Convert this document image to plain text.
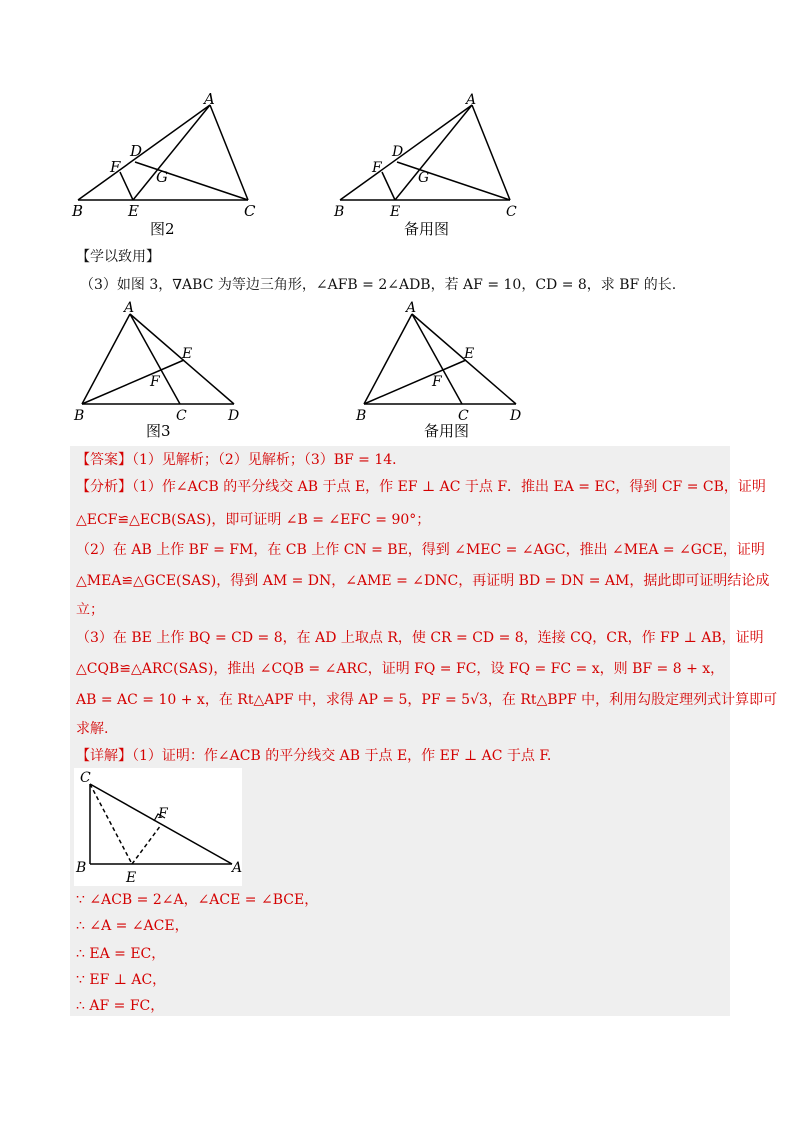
A
D
F
G
B	E	C
图2
A
D
F
G
B	E	C
备用图
【学以致用】
（3）如图 3，∇ABC 为等边三角形，∠AFB = 2∠ADB，若 AF = 10，CD = 8，求 BF 的长.
A
E
F
B	C	D
图3
A
E
F
B	C	D
备用图
【答案】（1）见解析；（2）见解析；（3）BF = 14．
【分析】（1）作∠ACB 的平分线交 AB 于点 E，作 EF ⊥ AC 于点 F．推出 EA = EC，得到 CF = CB，证明
△ECF≌△ECB(SAS)，即可证明 ∠B = ∠EFC = 90°；
（2）在 AB 上作 BF = FM，在 CB 上作 CN = BE，得到 ∠MEC = ∠AGC，推出 ∠MEA = ∠GCE，证明
△MEA≌△GCE(SAS)，得到 AM = DN，∠AME = ∠DNC，再证明 BD = DN = AM，据此即可证明结论成
立；
（3）在 BE 上作 BQ = CD = 8，在 AD 上取点 R，使 CR = CD = 8，连接 CQ，CR，作 FP ⊥ AB，证明
△CQB≌△ARC(SAS)，推出 ∠CQB = ∠ARC，证明 FQ = FC，设 FQ = FC = x，则 BF = 8 + x，
AB = AC = 10 + x，在 Rt△APF 中，求得 AP = 5，PF = 5√3，在 Rt△BPF 中，利用勾股定理列式计算即可
求解.
【详解】（1）证明：作∠ACB 的平分线交 AB 于点 E，作 EF ⊥ AC 于点 F.
C
F
B
E
A
∵ ∠ACB = 2∠A，∠ACE = ∠BCE，
∴ ∠A = ∠ACE，
∴ EA = EC，
∵ EF ⊥ AC，
∴ AF = FC，
